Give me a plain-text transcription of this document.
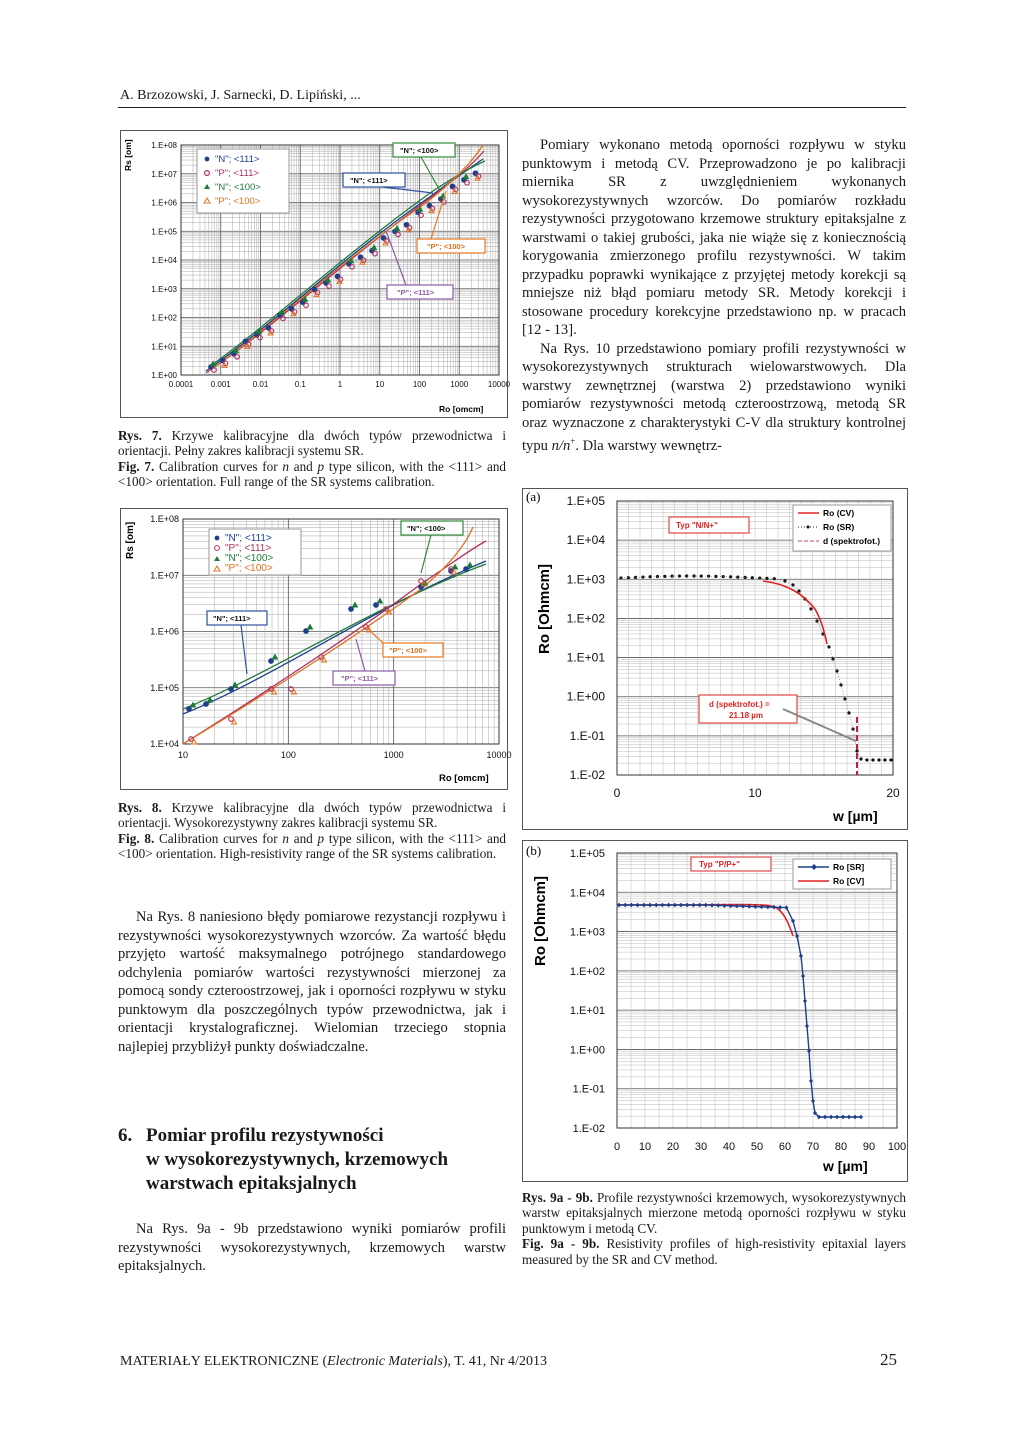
A. Brzozowski, J. Sarnecki, D. Lipiński, ...
1.E+08
1.E+07
1.E+06
1.E+05
1.E+04
1.E+03
1.E+02
1.E+01
1.E+00
0.0001 0.001	0.01	0.1	1	10	100	1000 10000
Rs [om]
Ro [omcm]
"N"; <111>
"P"; <111>
"N"; <100>
"P"; <100>
"N"; <100>
"N"; <111>
"P"; <100>
"P"; <111>
Rys. 7. Krzywe kalibracyjne dla dwóch typów przewodnictwa i orientacji. Pełny zakres kalibracji systemu SR.
Fig. 7. Calibration curves for n and p type silicon, with the <111> and <100> orientation. Full range of the SR systems calibration.
1.E+08
1.E+07
1.E+06
1.E+05
1.E+04
10	100	1000	10000
Rs [om]
Ro [omcm]
"N"; <111>
"P"; <111>
"N"; <100>
"P"; <100>
"N"; <100>
"N"; <111>
"P"; <100>
"P"; <111>
Rys. 8. Krzywe kalibracyjne dla dwóch typów przewodnictwa i orientacji. Wysokorezystywny zakres kalibracji systemu SR.
Fig. 8. Calibration curves for n and p type silicon, with the <111> and <100> orientation. High-resistivity range of the SR systems calibration.

Na Rys. 8 naniesiono błędy pomiarowe rezystancji rozpływu i rezystywności wysokorezystywnych wzorców. Za wartość błędu przyjęto wartość maksymalnego potrójnego standardowego odchylenia pomiarów wartości rezystywności mierzonej za pomocą sondy czteroostrzowej, jak i oporności rozpływu w styku punktowym dla poszczególnych typów przewodnictwa, jak i orientacji krystalograficznej. Wielomian trzeciego stopnia najlepiej przybliżył punkty doświadczalne.

6. Pomiar profilu rezystywności
w wysokorezystywnych, krzemowych
warstwach epitaksjalnych

Na Rys. 9a - 9b przedstawiono wyniki pomiarów profili rezystywności wysokorezystywnych, krzemowych warstw epitaksjalnych.

Pomiary wykonano metodą oporności rozpływu w styku punktowym i metodą CV. Przeprowadzono je po kalibracji miernika SR z uwzględnieniem wykonanych wysokorezystywnych wzorców. Do pomiarów rozkładu rezystywności przygotowano krzemowe struktury epitaksjalne z warstwami o takiej grubości, jaka nie wiąże się z koniecznością korygowania zmierzonego profilu rezystywności. W takim przypadku poprawki wynikające z przyjętej metody korekcji są mniejsze niż błąd pomiaru metody SR. Metody korekcji i stosowane procedury korekcyjne przedstawiono np. w pracach [12 - 13].

Na Rys. 10 przedstawiono pomiary profili rezystywności w wysokorezystywnych strukturach wielowarstwowych. Dla warstwy zewnętrznej (warstwa 2) przedstawiono wyniki pomiarów rezystywności metodą czteroostrzową, metodą SR oraz wyznaczone z charakterystyki C-V dla struktury kontrolnej typu n/n+. Dla warstwy wewnętrz-

(a) 1.E+05
1.E+04
1.E+03
1.E+02
1.E+01
1.E+00
1.E-01
1.E-02
0	10	20
Ro [Ohmcm]
w [µm]
Typ "N/N+"
Ro (CV)
Ro (SR)
d (spektrofot.)
d (spektrofot.) =
21.18 µm
(b)	1.E+05
1.E+04
1.E+03
1.E+02
1.E+01
1.E+00
1.E-01
1.E-02
0 10 20 30 40 50 60 70 80 90 100
Ro [Ohmcm]
w [µm]
Typ "P/P+"	Ro [SR]
Ro [CV]
Rys. 9a - 9b. Profile rezystywności krzemowych, wysokorezystywnych warstw epitaksjalnych mierzone metodą oporności rozpływu w styku punktowym i metodą CV.
Fig. 9a - 9b. Resistivity profiles of high-resistivity epitaxial layers measured by the SR and CV method.
MATERIAŁY ELEKTRONICZNE (Electronic Materials), T. 41, Nr 4/2013	25
